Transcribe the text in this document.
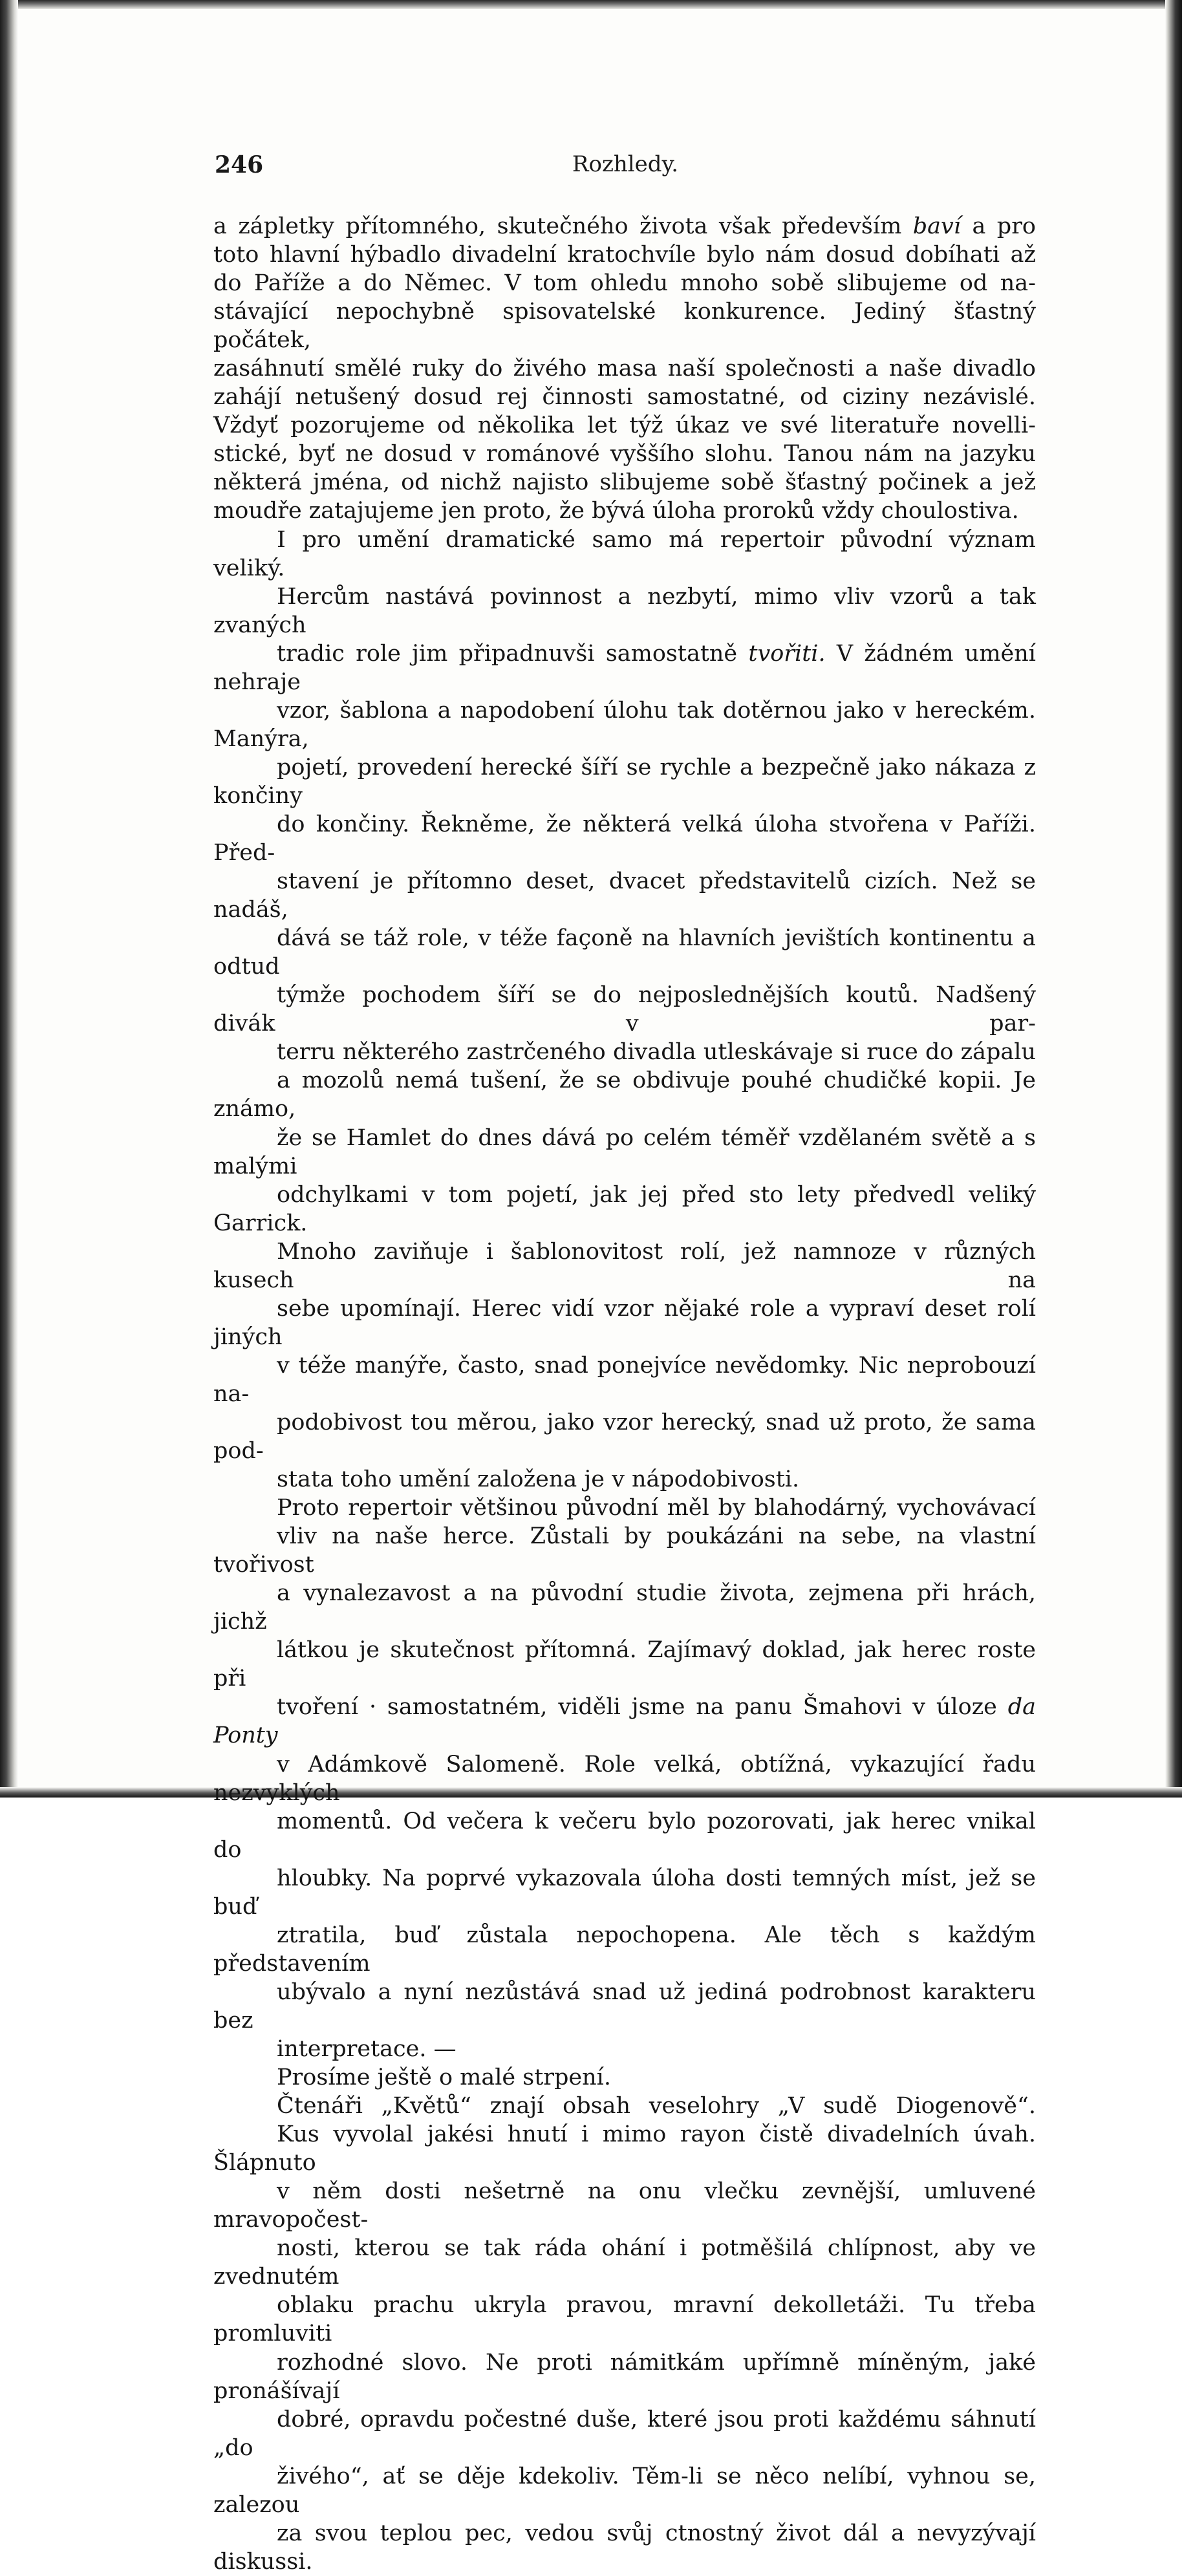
246	Rozhledy.

a zápletky přítomného, skutečného života však především baví a pro
toto hlavní hýbadlo divadelní kratochvíle bylo nám dosud dobíhati až
do Paříže a do Němec. V tom ohledu mnoho sobě slibujeme od na-
stávající nepochybně spisovatelské konkurence. Jediný šťastný počátek,
zasáhnutí smělé ruky do živého masa naší společnosti a naše divadlo
zahájí netušený dosud rej činnosti samostatné, od ciziny nezávislé.
Vždyť pozorujeme od několika let týž úkaz ve své literatuře novelli-
stické, byť ne dosud v románové vyššího slohu. Tanou nám na jazyku
některá jména, od nichž najisto slibujeme sobě šťastný počinek a jež
moudře zatajujeme jen proto, že bývá úloha proroků vždy choulostiva.

I pro umění dramatické samo má repertoir původní význam veliký.
Hercům nastává povinnost a nezbytí, mimo vliv vzorů a tak zvaných
tradic role jim připadnuvši samostatně tvořiti. V žádném umění nehraje
vzor, šablona a napodobení úlohu tak dotěrnou jako v hereckém. Manýra,
pojetí, provedení herecké šíří se rychle a bezpečně jako nákaza z končiny
do končiny. Řekněme, že některá velká úloha stvořena v Paříži. Před-
stavení je přítomno deset, dvacet představitelů cizích. Než se nadáš,
dává se táž role, v téže façoně na hlavních jevištích kontinentu a odtud
týmže pochodem šíří se do nejposlednějších koutů. Nadšený divák v par-
terru některého zastrčeného divadla utleskávaje si ruce do zápalu
a mozolů nemá tušení, že se obdivuje pouhé chudičké kopii. Je známo,
že se Hamlet do dnes dává po celém téměř vzdělaném světě a s malými
odchylkami v tom pojetí, jak jej před sto lety předvedl veliký Garrick.
Mnoho zaviňuje i šablonovitost rolí, jež namnoze v různých kusech na
sebe upomínají. Herec vidí vzor nějaké role a vypraví deset rolí jiných
v téže manýře, často, snad ponejvíce nevědomky. Nic neprobouzí na-
podobivost tou měrou, jako vzor herecký, snad už proto, že sama pod-
stata toho umění založena je v nápodobivosti.

Proto repertoir většinou původní měl by blahodárný, vychovávací
vliv na naše herce. Zůstali by poukázáni na sebe, na vlastní tvořivost
a vynalezavost a na původní studie života, zejmena při hrách, jichž
látkou je skutečnost přítomná. Zajímavý doklad, jak herec roste při
tvoření · samostatném, viděli jsme na panu Šmahovi v úloze da Ponty
v Adámkově Salomeně. Role velká, obtížná, vykazující řadu nezvyklých
momentů. Od večera k večeru bylo pozorovati, jak herec vnikal do
hloubky. Na poprvé vykazovala úloha dosti temných míst, jež se buď
ztratila, buď zůstala nepochopena. Ale těch s každým představením
ubývalo a nyní nezůstává snad už jediná podrobnost karakteru bez
interpretace. —

Prosíme ještě o malé strpení.

Čtenáři „Květů“ znají obsah veselohry „V sudě Diogenově“.
Kus vyvolal jakési hnutí i mimo rayon čistě divadelních úvah. Šlápnuto
v něm dosti nešetrně na onu vlečku zevnější, umluvené mravopočest-
nosti, kterou se tak ráda ohání i potměšilá chlípnost, aby ve zvednutém
oblaku prachu ukryla pravou, mravní dekolletáži. Tu třeba promluviti
rozhodné slovo. Ne proti námitkám upřímně míněným, jaké pronášívají
dobré, opravdu počestné duše, které jsou proti každému sáhnutí „do
živého“, ať se děje kdekoliv. Těm-li se něco nelíbí, vyhnou se, zalezou
za svou teplou pec, vedou svůj ctnostný život dál a nevyzývají diskussi.
